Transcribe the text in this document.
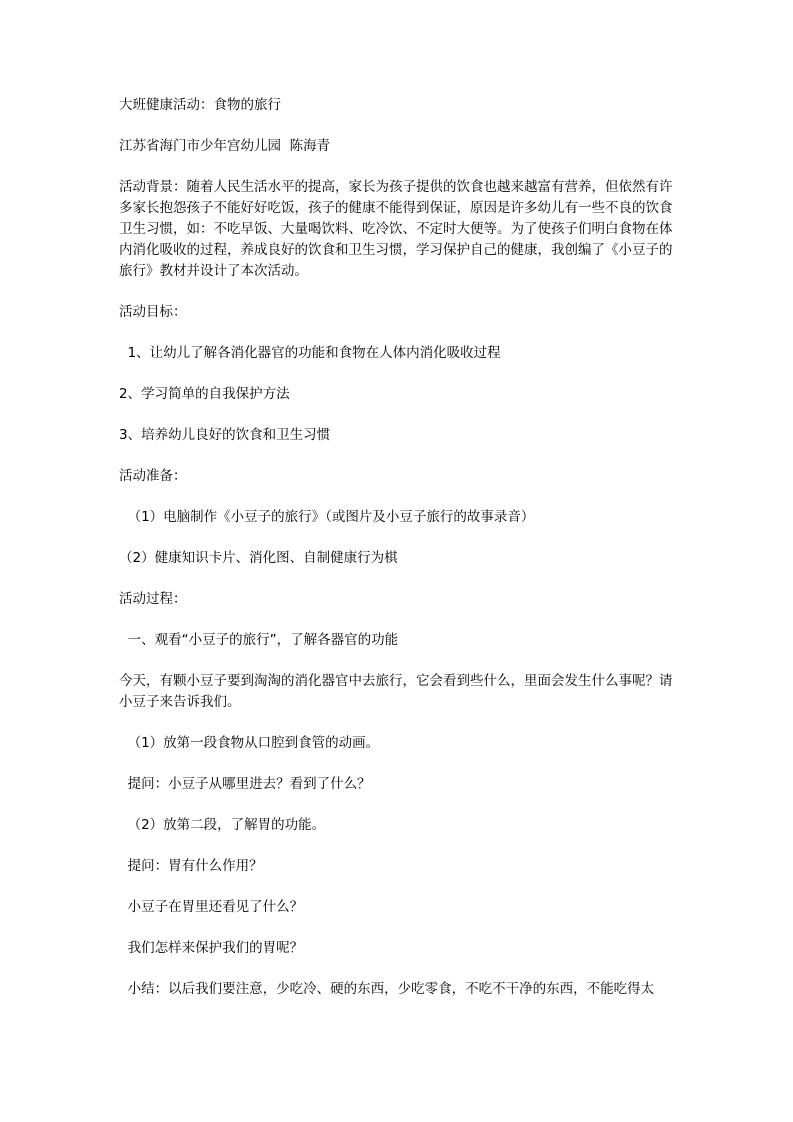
大班健康活动：食物的旅行

江苏省海门市少年宫幼儿园  陈海青

活动背景：随着人民生活水平的提高，家长为孩子提供的饮食也越来越富有营养，但依然有许多家长抱怨孩子不能好好吃饭，孩子的健康不能得到保证，原因是许多幼儿有一些不良的饮食卫生习惯，如：不吃早饭、大量喝饮料、吃冷饮、不定时大便等。为了使孩子们明白食物在体内消化吸收的过程，养成良好的饮食和卫生习惯，学习保护自己的健康，我创编了《小豆子的旅行》教材并设计了本次活动。

活动目标：

1、让幼儿了解各消化器官的功能和食物在人体内消化吸收过程

2、学习简单的自我保护方法

3、培养幼儿良好的饮食和卫生习惯

活动准备：

（1）电脑制作《小豆子的旅行》（或图片及小豆子旅行的故事录音）

（2）健康知识卡片、消化图、自制健康行为棋

活动过程：

一、观看“小豆子的旅行”，了解各器官的功能

今天，有颗小豆子要到淘淘的消化器官中去旅行，它会看到些什么，里面会发生什么事呢？请小豆子来告诉我们。

（1）放第一段食物从口腔到食管的动画。

提问：小豆子从哪里进去？看到了什么？

（2）放第二段，了解胃的功能。

提问：胃有什么作用？

小豆子在胃里还看见了什么？

我们怎样来保护我们的胃呢？

小结：以后我们要注意，少吃冷、硬的东西，少吃零食，不吃不干净的东西，不能吃得太
